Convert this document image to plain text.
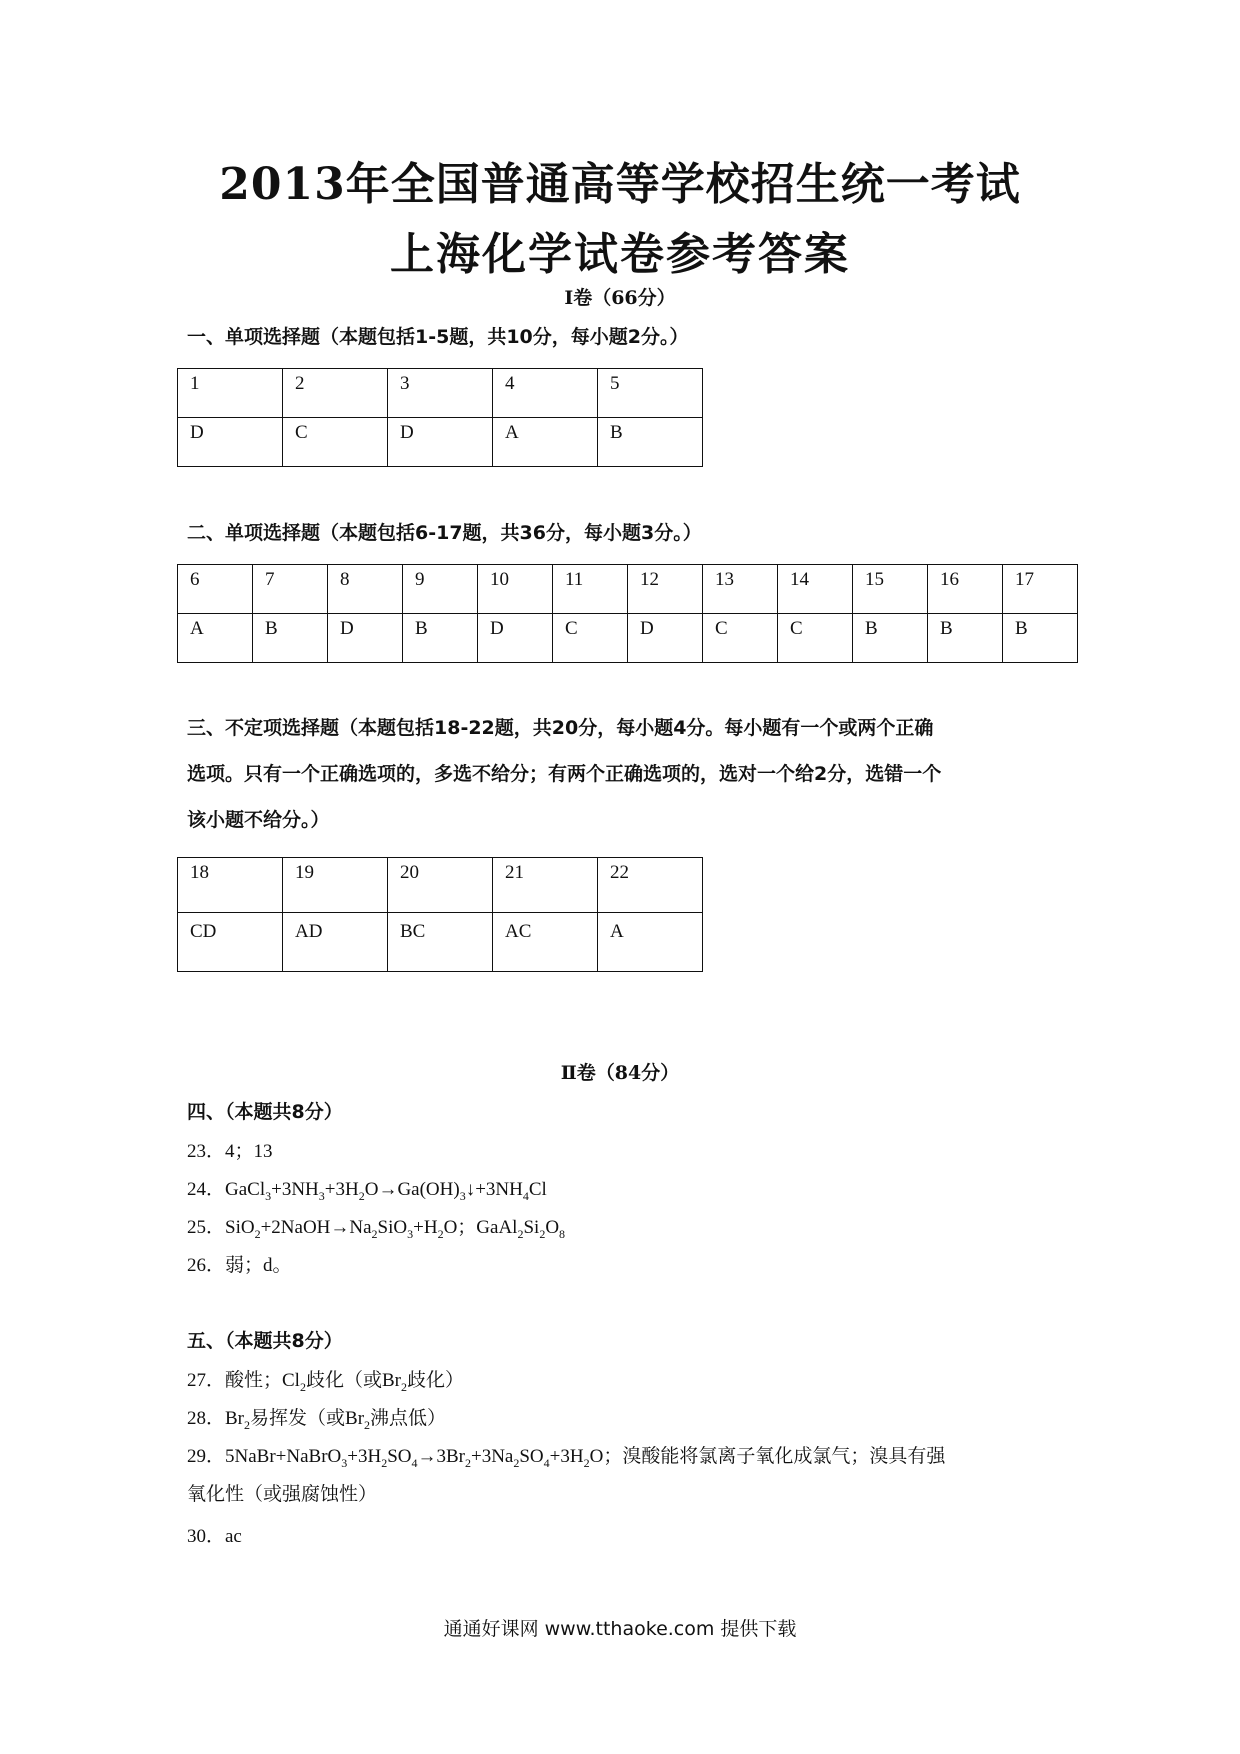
2013年全国普通高等学校招生统一考试
上海化学试卷参考答案
Ⅰ卷（66分）
一、单项选择题（本题包括1-5题，共10分，每小题2分。）
1	2	3	4	5
D	C	D	A	B
二、单项选择题（本题包括6-17题，共36分，每小题3分。）
6	7	8	9	10	11	12	13	14	15	16	17
A	B	D	B	D	C	D	C	C	B	B	B
三、不定项选择题（本题包括18-22题，共20分，每小题4分。每小题有一个或两个正确
选项。只有一个正确选项的，多选不给分；有两个正确选项的，选对一个给2分，选错一个
该小题不给分。）
18	19	20	21	22
CD	AD	BC	AC	A
Ⅱ卷（84分）
四、（本题共8分）
23．4；13
24．$GaCl_3+3NH_3+3H_2O\to Ga(OH)_3↓+3NH_4Cl$
25．$SiO_2+2NaOH\to Na_2SiO_3+H_2O$；$GaAl_2Si_2O_8$
26．弱；d。
五、（本题共8分）
27．酸性；$Cl_2$歧化（或$Br_2$歧化）
28．$Br_2$易挥发（或$Br_2$沸点低）
29．$5NaBr+NaBrO_3+3H_2SO_4\to 3Br_2+3Na_2SO_4+3H_2O$；溴酸能将氯离子氧化成氯气；溴具有强
氧化性（或强腐蚀性）
30．ac
通通好课网 www.tthaoke.com 提供下载
